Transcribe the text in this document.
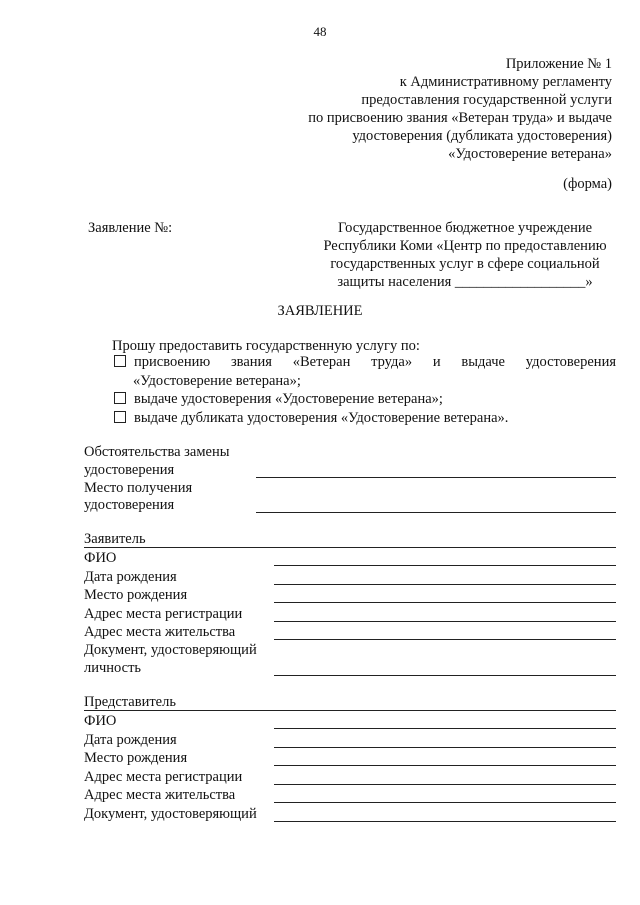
48
Приложение № 1
к Административному регламенту
предоставления государственной услуги
по присвоению звания «Ветеран труда» и выдаче
удостоверения (дубликата удостоверения)
«Удостоверение ветерана»
(форма)
Заявление №:	Государственное бюджетное учреждение
Республики Коми «Центр по предоставлению
государственных услуг в сфере социальной
защиты населения __________________»
ЗАЯВЛЕНИЕ
Прошу предоставить государственную услугу по:
присвоению звания «Ветеран труда» и выдаче удостоверения
«Удостоверение ветерана»;
выдаче удостоверения «Удостоверение ветерана»;
выдаче дубликата удостоверения «Удостоверение ветерана».
Обстоятельства замены
удостоверения
Место получения
удостоверения
Заявитель
ФИО
Дата рождения
Место рождения
Адрес места регистрации
Адрес места жительства
Документ, удостоверяющий
личность
Представитель
ФИО
Дата рождения
Место рождения
Адрес места регистрации
Адрес места жительства
Документ, удостоверяющий
